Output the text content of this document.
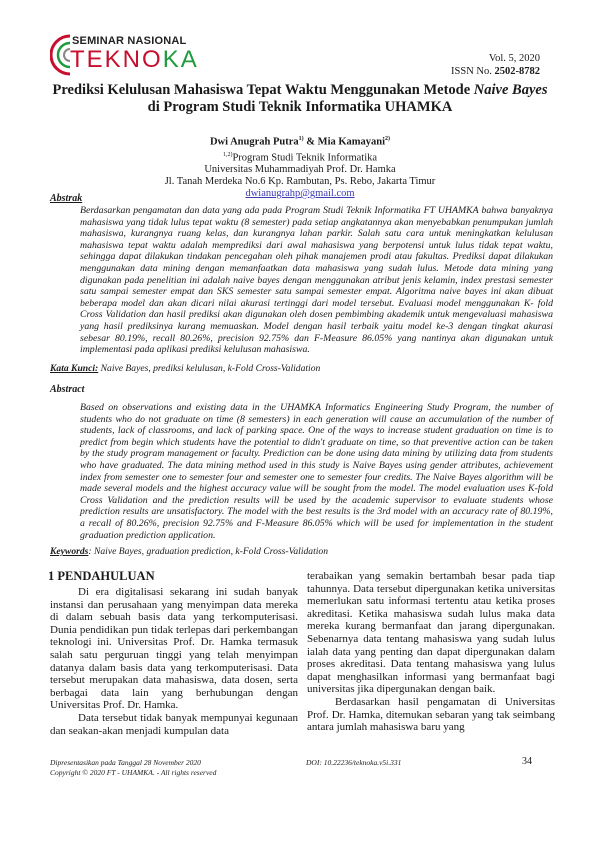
SEMINAR NASIONAL
TEKNOKA	Vol. 5, 2020
ISSN No. 2502-8782
Prediksi Kelulusan Mahasiswa Tepat Waktu Menggunakan Metode Naive Bayes
di Program Studi Teknik Informatika UHAMKA
Dwi Anugrah Putra$^{1)}$ & Mia Kamayani$^{2)}$
$^{1,2)}$Program Studi Teknik Informatika
Universitas Muhammadiyah Prof. Dr. Hamka
Jl. Tanah Merdeka No.6 Kp. Rambutan, Ps. Rebo, Jakarta Timur
dwianugrahp@gmail.com
Abstrak
Berdasarkan pengamatan dan data yang ada pada Program Studi Teknik Informatika FT UHAMKA bahwa banyaknya mahasiswa yang tidak lulus tepat waktu (8 semester) pada setiap angkatannya akan menyebabkan penumpukan jumlah mahasiswa, kurangnya ruang kelas, dan kurangnya lahan parkir. Salah satu cara untuk meningkatkan kelulusan mahasiswa tepat waktu adalah memprediksi dari awal mahasiswa yang berpotensi untuk lulus tidak tepat waktu, sehingga dapat dilakukan tindakan pencegahan oleh pihak manajemen prodi atau fakultas. Prediksi dapat dilakukan menggunakan data mining dengan memanfaatkan data mahasiswa yang sudah lulus. Metode data mining yang digunakan pada penelitian ini adalah naive bayes dengan menggunakan atribut jenis kelamin, index prestasi semester satu sampai semester empat dan SKS semester satu sampai semester empat. Algoritma naive bayes ini akan dibuat beberapa model dan akan dicari nilai akurasi tertinggi dari model tersebut. Evaluasi model menggunakan K- fold Cross Validation dan hasil prediksi akan digunakan oleh dosen pembimbing akademik untuk mengevaluasi mahasiswa yang hasil prediksinya kurang memuaskan. Model dengan hasil terbaik yaitu model ke-3 dengan tingkat akurasi sebesar 80.19%, recall 80.26%, precision 92.75% dan F-Measure 86.05% yang nantinya akan digunakan untuk implementasi pada aplikasi prediksi kelulusan mahasiswa.
Kata Kunci: Naive Bayes, prediksi kelulusan, k-Fold Cross-Validation
Abstract
Based on observations and existing data in the UHAMKA Informatics Engineering Study Program, the number of students who do not graduate on time (8 semesters) in each generation will cause an accumulation of the number of students, lack of classrooms, and lack of parking space. One of the ways to increase student graduation on time is to predict from begin which students have the potential to didn't graduate on time, so that preventive action can be taken by the study program management or faculty. Prediction can be done using data mining by utilizing data from students who have graduated. The data mining method used in this study is Naive Bayes using gender attributes, achievement index from semester one to semester four and semester one to semester four credits. The Naive Bayes algorithm will be made several models and the highest accuracy value will be sought from the model. The model evaluation uses K-fold Cross Validation and the prediction results will be used by the academic supervisor to evaluate students whose prediction results are unsatisfactory. The model with the best results is the 3rd model with an accuracy rate of 80.19%, a recall of 80.26%, precision 92.75% and F-Measure 86.05% which will be used for implementation in the student graduation prediction application.
Keywords: Naive Bayes, graduation prediction, k-Fold Cross-Validation
1 PENDAHULUAN

Di era digitalisasi sekarang ini sudah banyak instansi dan perusahaan yang menyimpan data mereka di dalam sebuah basis data yang terkomputerisasi. Dunia pendidikan pun tidak terlepas dari perkembangan teknologi ini. Universitas Prof. Dr. Hamka termasuk salah satu perguruan tinggi yang telah menyimpan datanya dalam basis data yang terkomputerisasi. Data tersebut merupakan data mahasiswa, data dosen, serta berbagai data lain yang berhubungan dengan Universitas Prof. Dr. Hamka.

Data tersebut tidak banyak mempunyai kegunaan dan seakan-akan menjadi kumpulan data

terabaikan yang semakin bertambah besar pada tiap tahunnya. Data tersebut dipergunakan ketika universitas memerlukan satu informasi tertentu atau ketika proses akreditasi. Ketika mahasiswa sudah lulus maka data mereka kurang bermanfaat dan jarang dipergunakan. Sebenarnya data tentang mahasiswa yang sudah lulus ialah data yang penting dan dapat dipergunakan dalam proses akreditasi. Data tentang mahasiswa yang lulus dapat menghasilkan informasi yang bermanfaat bagi universitas jika dipergunakan dengan baik.

Berdasarkan hasil pengamatan di Universitas Prof. Dr. Hamka, ditemukan sebaran yang tak seimbang antara jumlah mahasiswa baru yang

Dipresentasikan pada Tanggal 28 November 2020
Copyright © 2020 FT - UHAMKA. - All rights reserved
DOI: 10.22236/teknoka.v5i.331	34
